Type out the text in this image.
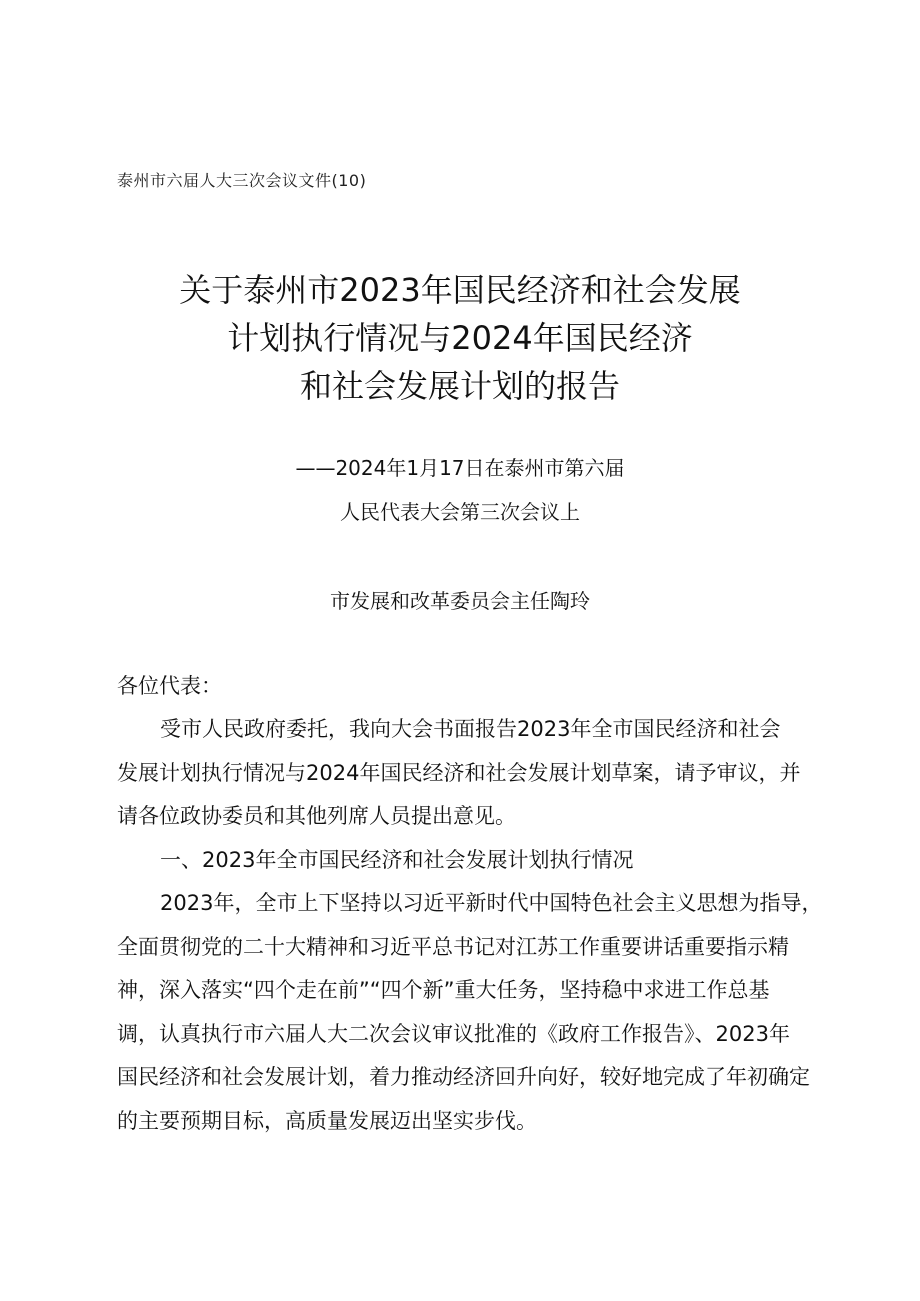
泰州市六届人大三次会议文件(10)
关于泰州市2023年国民经济和社会发展
计划执行情况与2024年国民经济
和社会发展计划的报告
——2024年1月17日在泰州市第六届
人民代表大会第三次会议上
市发展和改革委员会主任陶玲
各位代表：
受市人民政府委托，我向大会书面报告2023年全市国民经济和社会
发展计划执行情况与2024年国民经济和社会发展计划草案，请予审议，并
请各位政协委员和其他列席人员提出意见。
一、2023年全市国民经济和社会发展计划执行情况
2023年，全市上下坚持以习近平新时代中国特色社会主义思想为指导，
全面贯彻党的二十大精神和习近平总书记对江苏工作重要讲话重要指示精
神，深入落实“四个走在前”“四个新”重大任务，坚持稳中求进工作总基
调，认真执行市六届人大二次会议审议批准的《政府工作报告》、2023年
国民经济和社会发展计划，着力推动经济回升向好，较好地完成了年初确定
的主要预期目标，高质量发展迈出坚实步伐。
